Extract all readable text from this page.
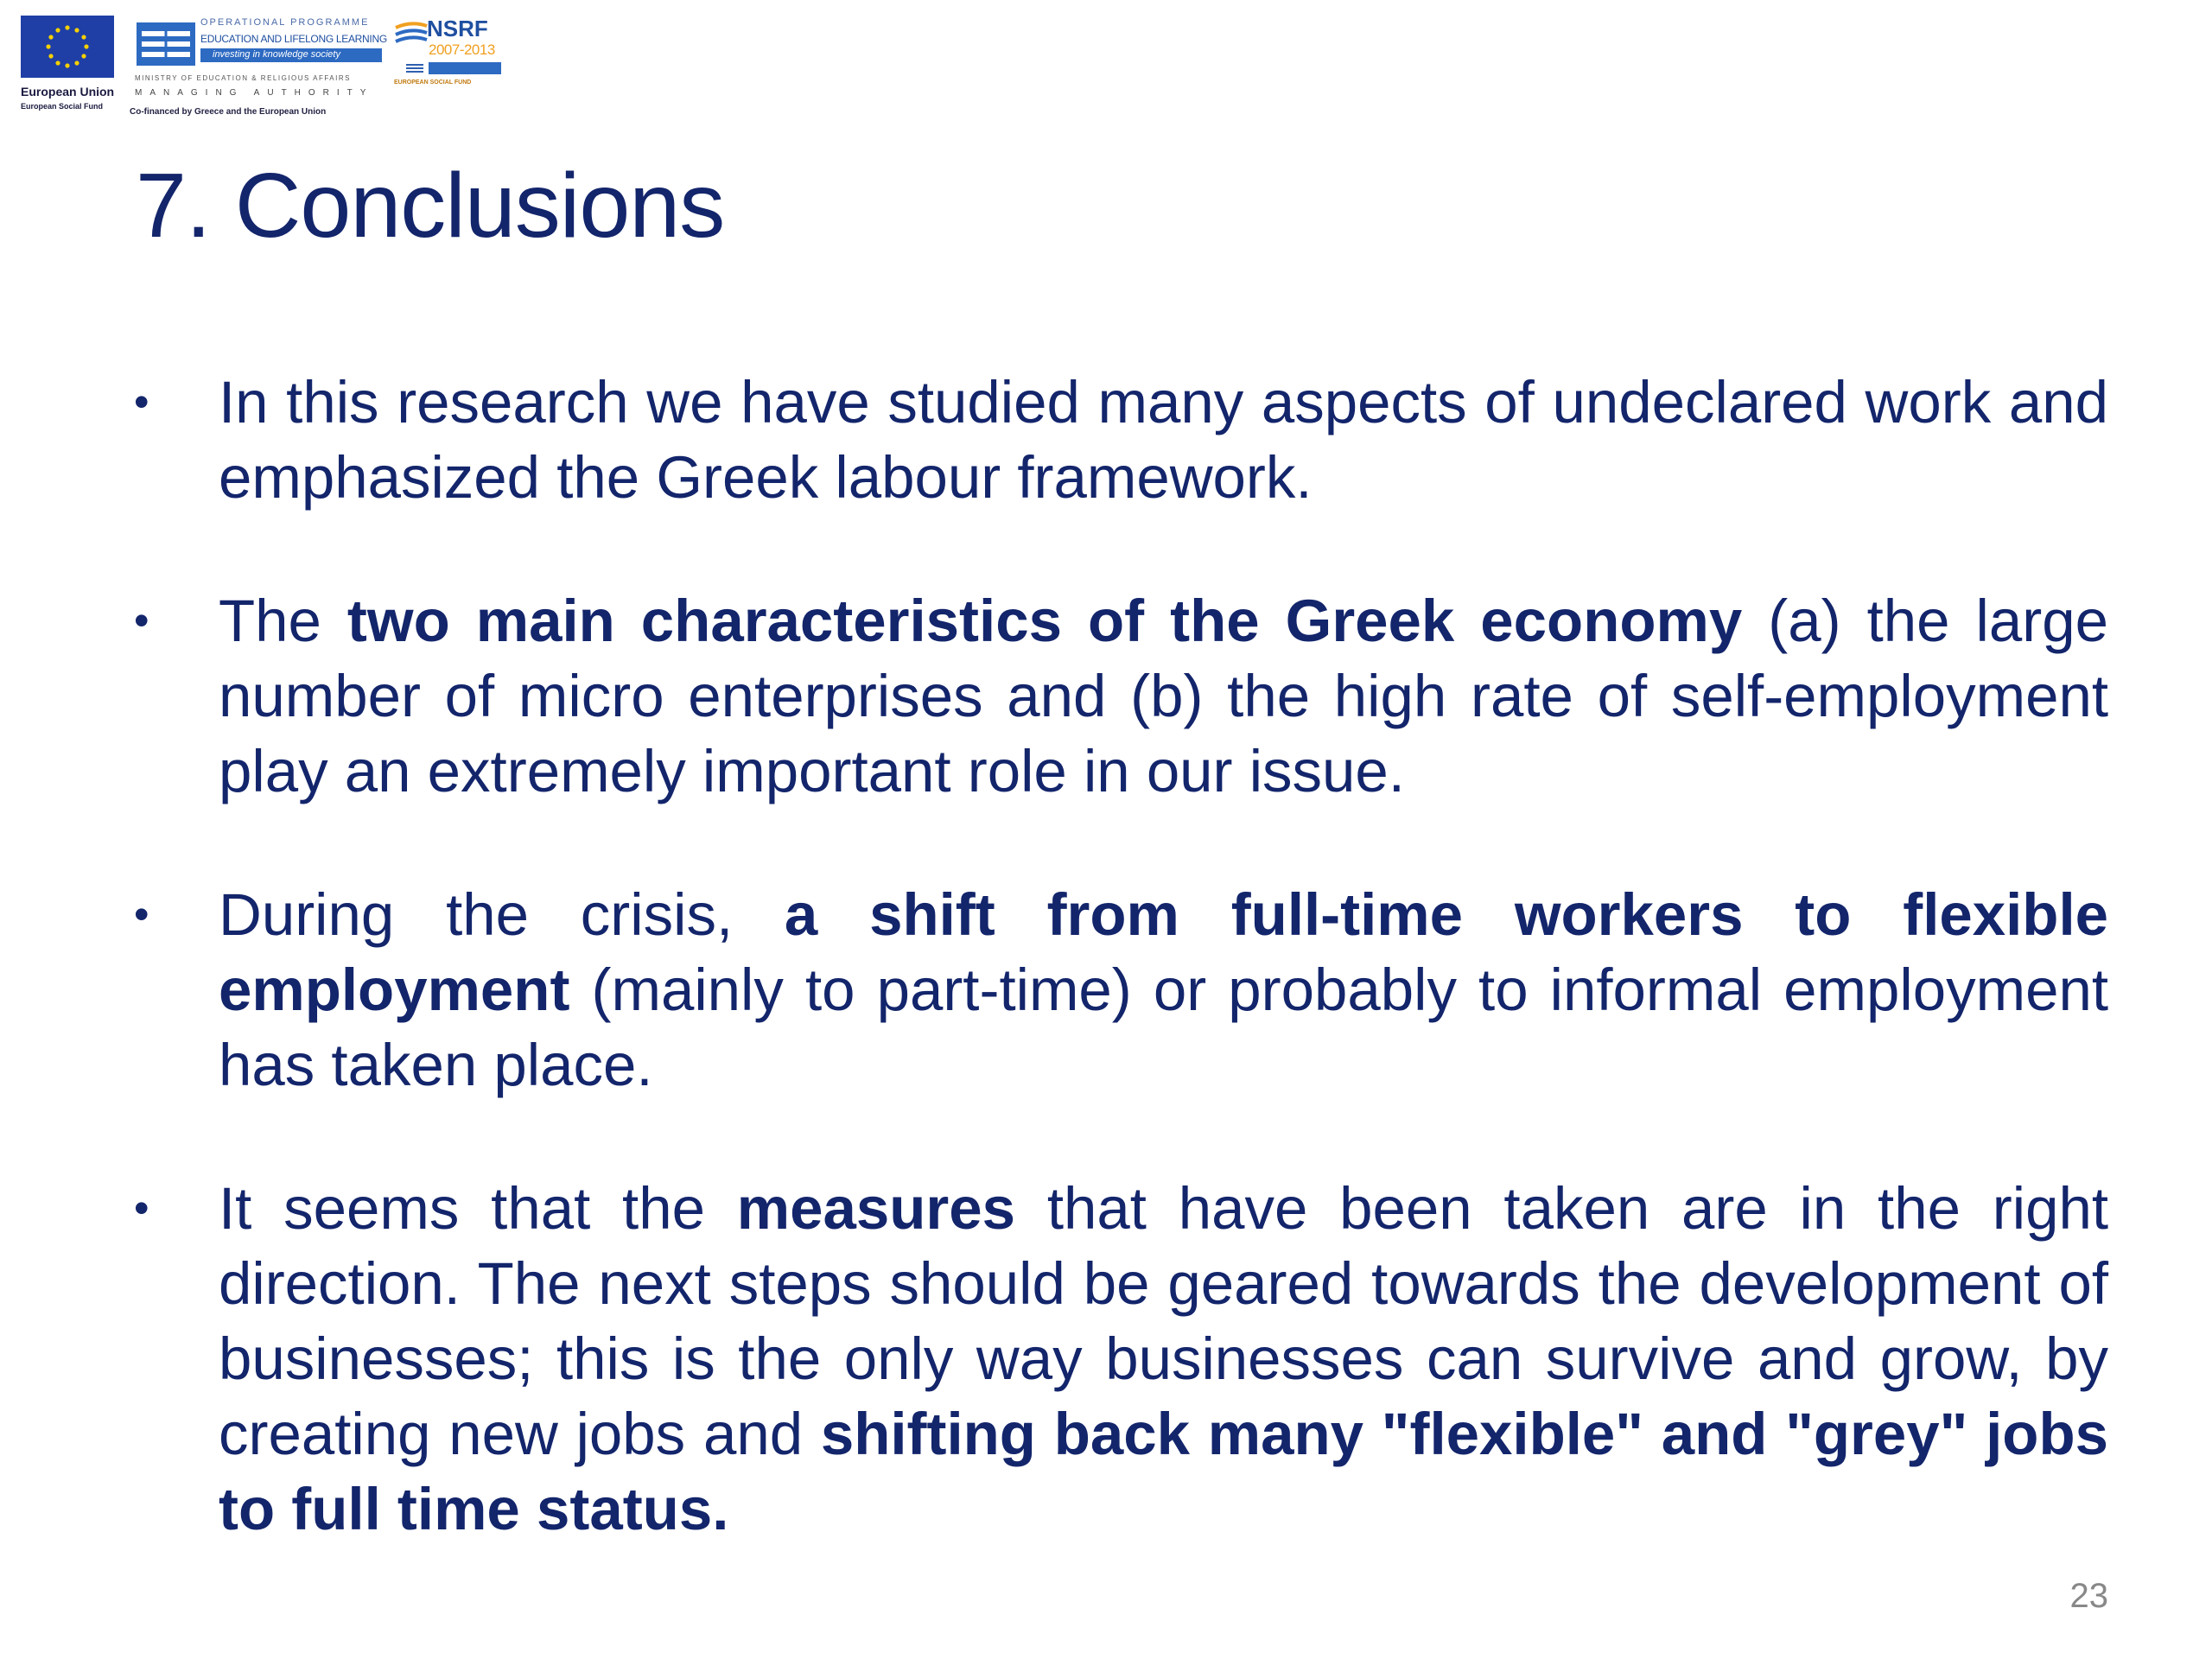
European Union
European Social Fund
OPERATIONAL PROGRAMME
EDUCATION AND LIFELONG LEARNING
investing in knowledge society
MINISTRY OF EDUCATION & RELIGIOUS AFFAIRS
MANAGING AUTHORITY
Co-financed by Greece and the European Union
NSRF
2007-2013
EUROPEAN SOCIAL FUND
7. Conclusions
• In this research we have studied many aspects of undeclared work and emphasized the Greek labour framework.
• The two main characteristics of the Greek economy (a) the large number of micro enterprises and (b) the high rate of self-employment play an extremely important role in our issue.
• During the crisis, a shift from full-time workers to flexible employment (mainly to part-time) or probably to informal employment has taken place.
• It seems that the measures that have been taken are in the right direction. The next steps should be geared towards the development of businesses; this is the only way businesses can survive and grow, by creating new jobs and shifting back many "flexible" and "grey" jobs to full time status.
23
